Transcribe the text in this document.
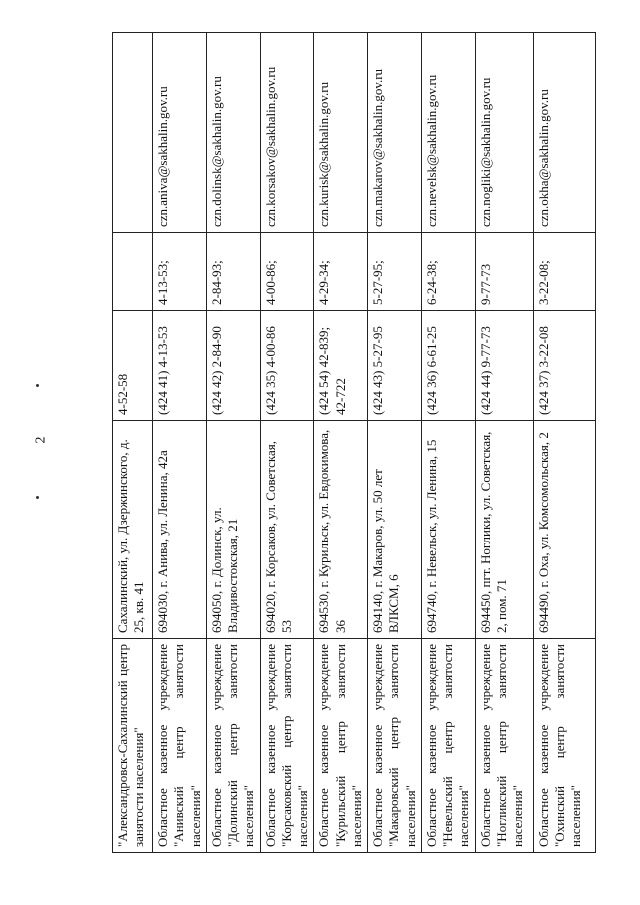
2
"Александровск-Сахалинский центр занятости населения"	Сахалинский, ул. Дзержинского, д. 25, кв. 41	4-52-58		
Областное казенное учреждение "Анивский центр занятости населения"	694030, г. Анива, ул. Ленина, 42а	(424 41) 4-13-53	4-13-53;	czn.aniva@sakhalin.gov.ru
Областное казенное учреждение "Долинский центр занятости населения"	694050, г. Долинск, ул. Владивостокская, 21	(424 42) 2-84-90	2-84-93;	czn.dolinsk@sakhalin.gov.ru
Областное казенное учреждение "Корсаковский центр занятости населения"	694020, г. Корсаков, ул. Советская, 53	(424 35) 4-00-86	4-00-86;	czn.korsakov@sakhalin.gov.ru
Областное казенное учреждение "Курильский центр занятости населения"	694530, г. Курильск, ул. Евдокимова, 36	(424 54) 42-839; 42-722	4-29-34;	czn.kurisk@sakhalin.gov.ru
Областное казенное учреждение "Макаровский центр занятости населения"	694140, г. Макаров, ул. 50 лет ВЛКСМ, 6	(424 43) 5-27-95	5-27-95;	czn.makarov@sakhalin.gov.ru
Областное казенное учреждение "Невельский центр занятости населения"	694740, г. Невельск, ул. Ленина, 15	(424 36) 6-61-25	6-24-38;	czn.nevelsk@sakhalin.gov.ru
Областное казенное учреждение "Ногликский центр занятости населения"	694450, пгт. Ноглики, ул. Советская, 2, пом. 71	(424 44) 9-77-73	9-77-73	czn.nogliki@sakhalin.gov.ru
Областное казенное учреждение "Охинский центр занятости населения"	694490, г. Оха, ул. Комсомольская, 2	(424 37) 3-22-08	3-22-08;	czn.okha@sakhalin.gov.ru
